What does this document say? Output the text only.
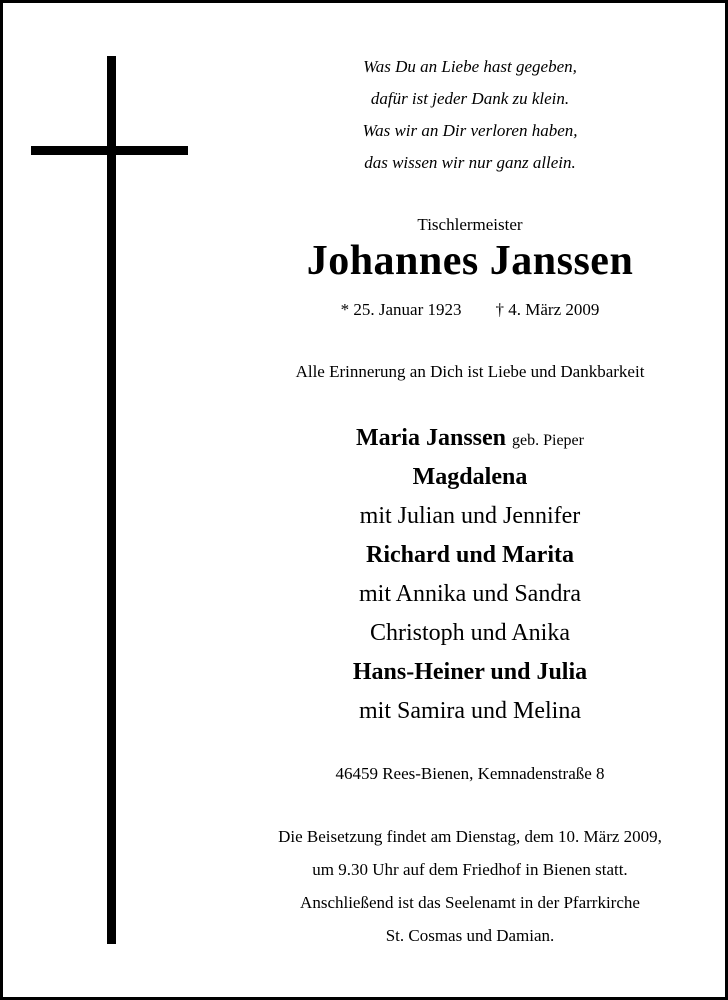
Was Du an Liebe hast gegeben,
dafür ist jeder Dank zu klein.
Was wir an Dir verloren haben,
das wissen wir nur ganz allein.
Tischlermeister
Johannes Janssen
* 25. Januar 1923 † 4. März 2009
Alle Erinnerung an Dich ist Liebe und Dankbarkeit
Maria Janssen geb. Pieper
Magdalena
mit Julian und Jennifer
Richard und Marita
mit Annika und Sandra
Christoph und Anika
Hans-Heiner und Julia
mit Samira und Melina
46459 Rees-Bienen, Kemnadenstraße 8
Die Beisetzung findet am Dienstag, dem 10. März 2009,
um 9.30 Uhr auf dem Friedhof in Bienen statt.
Anschließend ist das Seelenamt in der Pfarrkirche
St. Cosmas und Damian.
